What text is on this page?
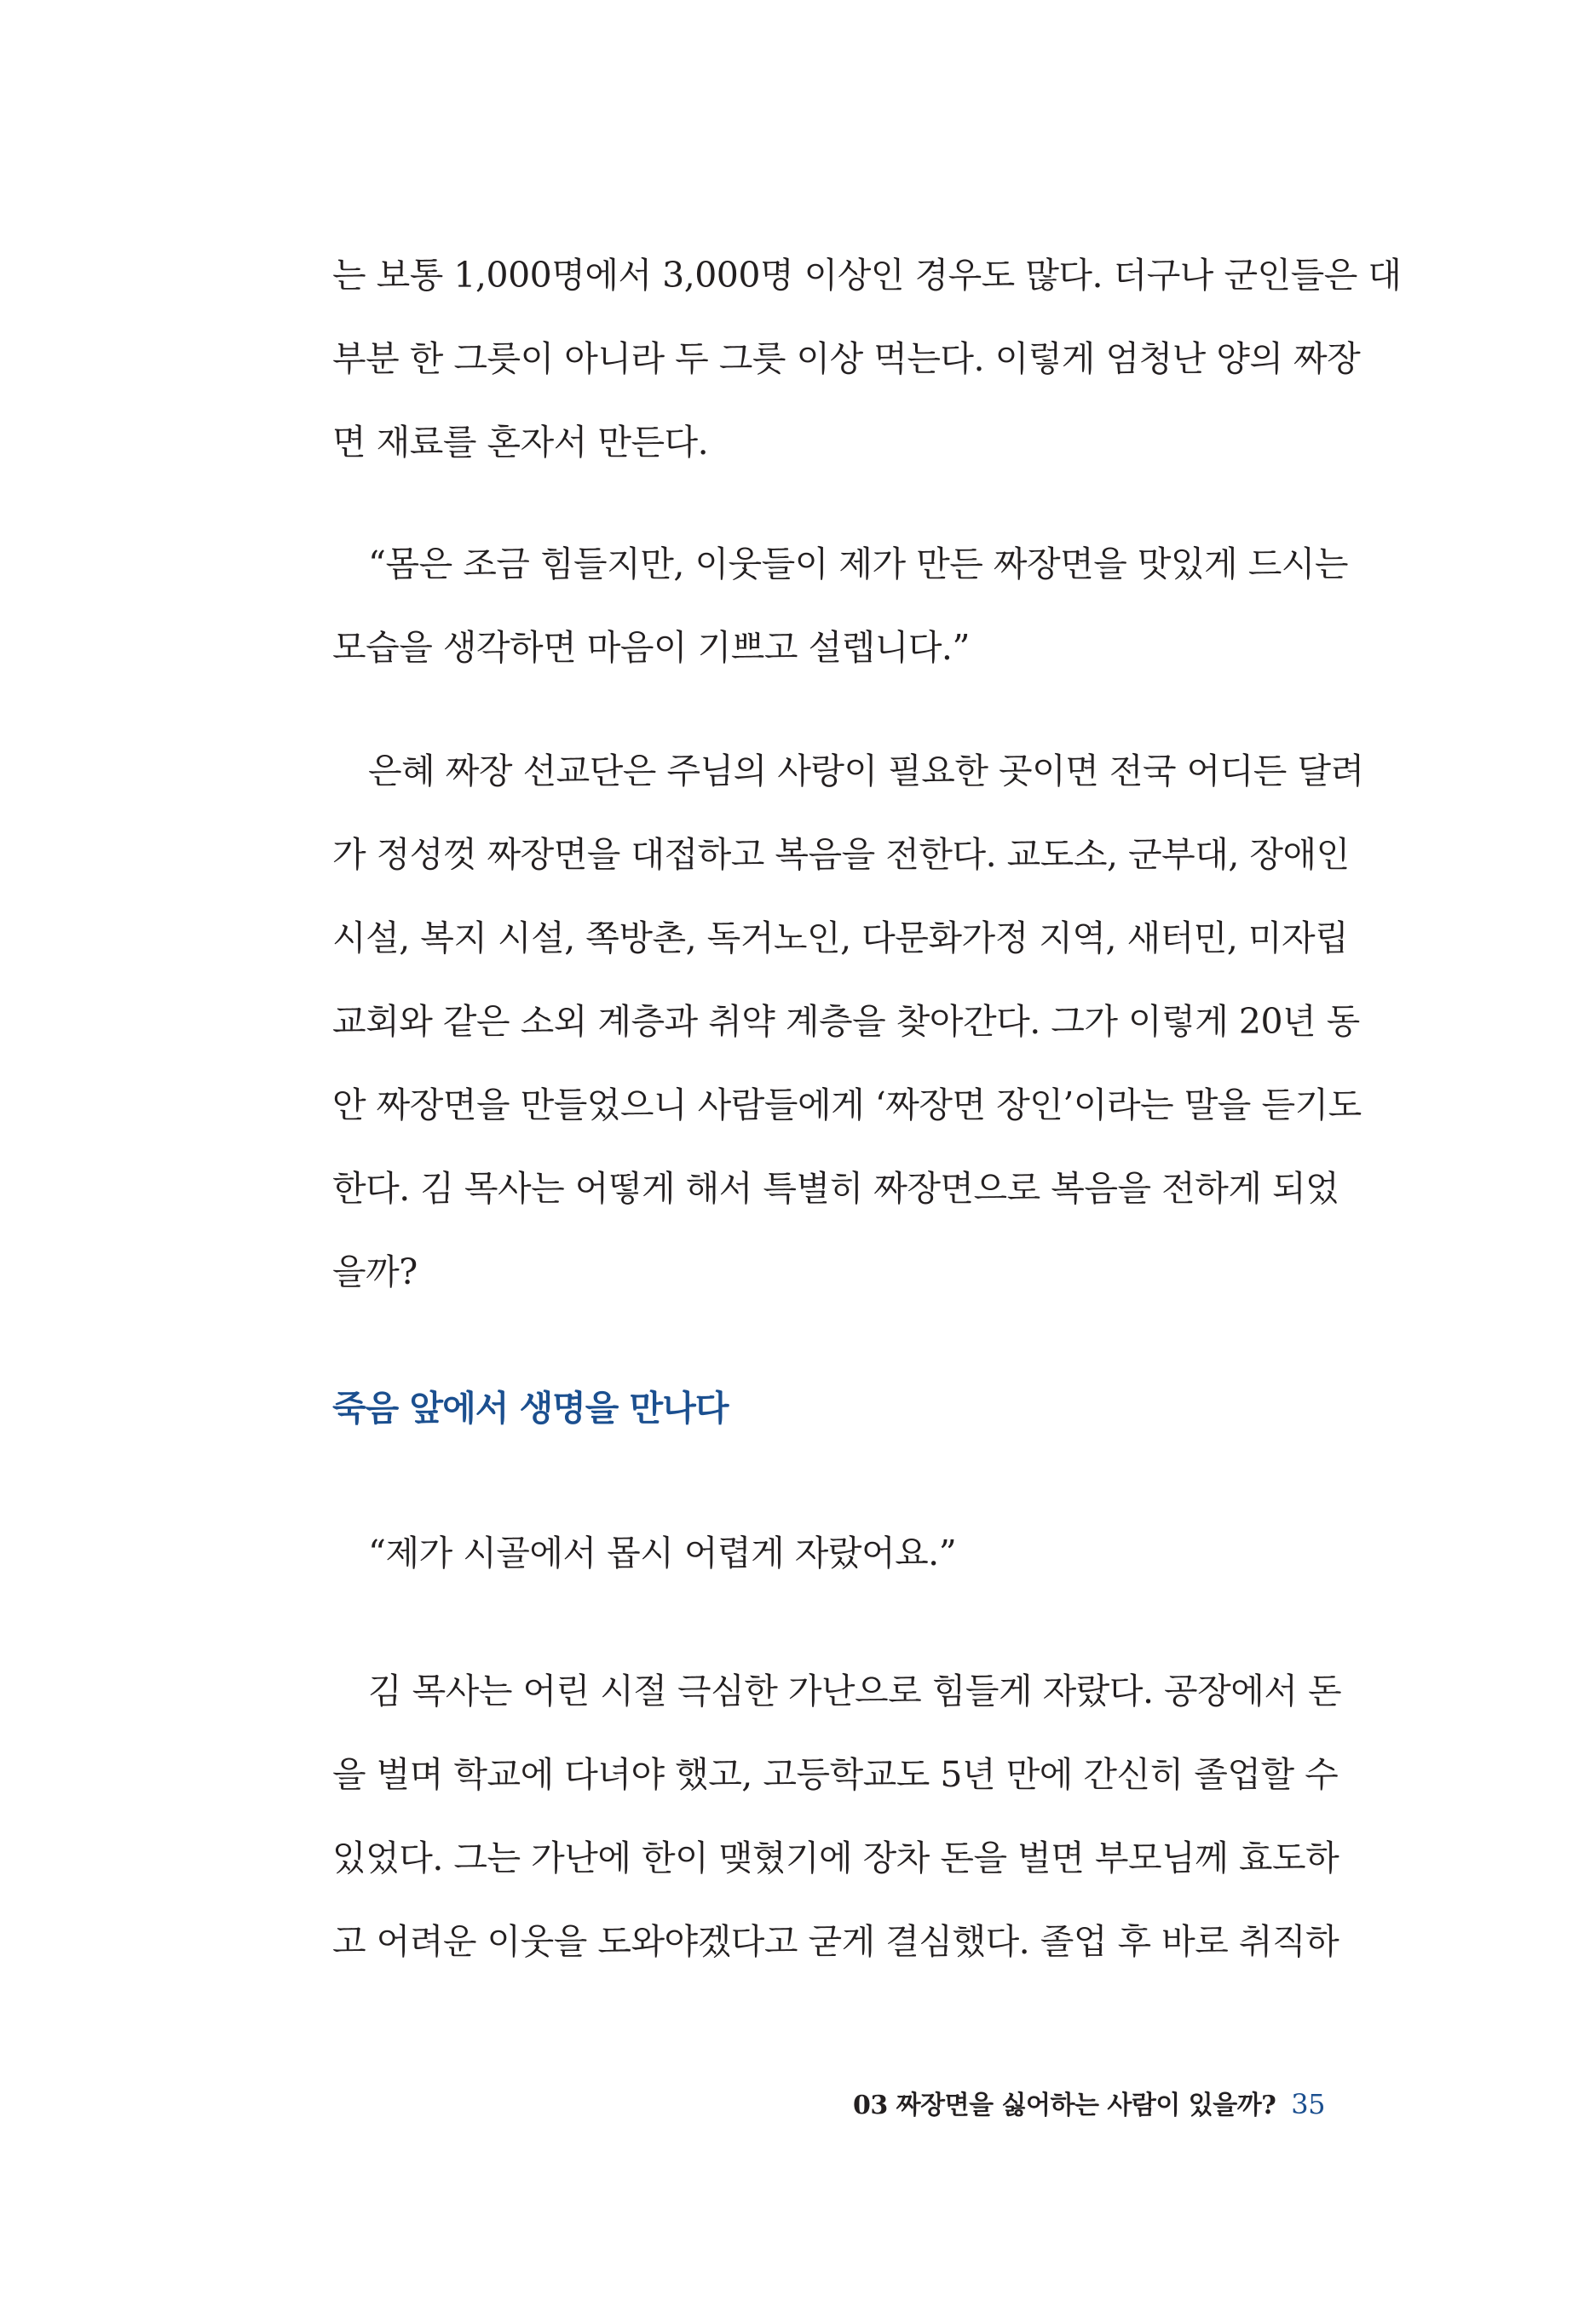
는 보통 1,000명에서 3,000명 이상인 경우도 많다. 더구나 군인들은 대
부분 한 그릇이 아니라 두 그릇 이상 먹는다. 이렇게 엄청난 양의 짜장
면 재료를 혼자서 만든다.
“몸은 조금 힘들지만, 이웃들이 제가 만든 짜장면을 맛있게 드시는
모습을 생각하면 마음이 기쁘고 설렙니다.”
은혜 짜장 선교단은 주님의 사랑이 필요한 곳이면 전국 어디든 달려
가 정성껏 짜장면을 대접하고 복음을 전한다. 교도소, 군부대, 장애인
시설, 복지 시설, 쪽방촌, 독거노인, 다문화가정 지역, 새터민, 미자립
교회와 같은 소외 계층과 취약 계층을 찾아간다. 그가 이렇게 20년 동
안 짜장면을 만들었으니 사람들에게 ‘짜장면 장인’이라는 말을 듣기도
한다. 김 목사는 어떻게 해서 특별히 짜장면으로 복음을 전하게 되었
을까?
죽음 앞에서 생명을 만나다
“제가 시골에서 몹시 어렵게 자랐어요.”
김 목사는 어린 시절 극심한 가난으로 힘들게 자랐다. 공장에서 돈
을 벌며 학교에 다녀야 했고, 고등학교도 5년 만에 간신히 졸업할 수
있었다. 그는 가난에 한이 맺혔기에 장차 돈을 벌면 부모님께 효도하
고 어려운 이웃을 도와야겠다고 굳게 결심했다. 졸업 후 바로 취직하
03 짜장면을 싫어하는 사람이 있을까? 35
